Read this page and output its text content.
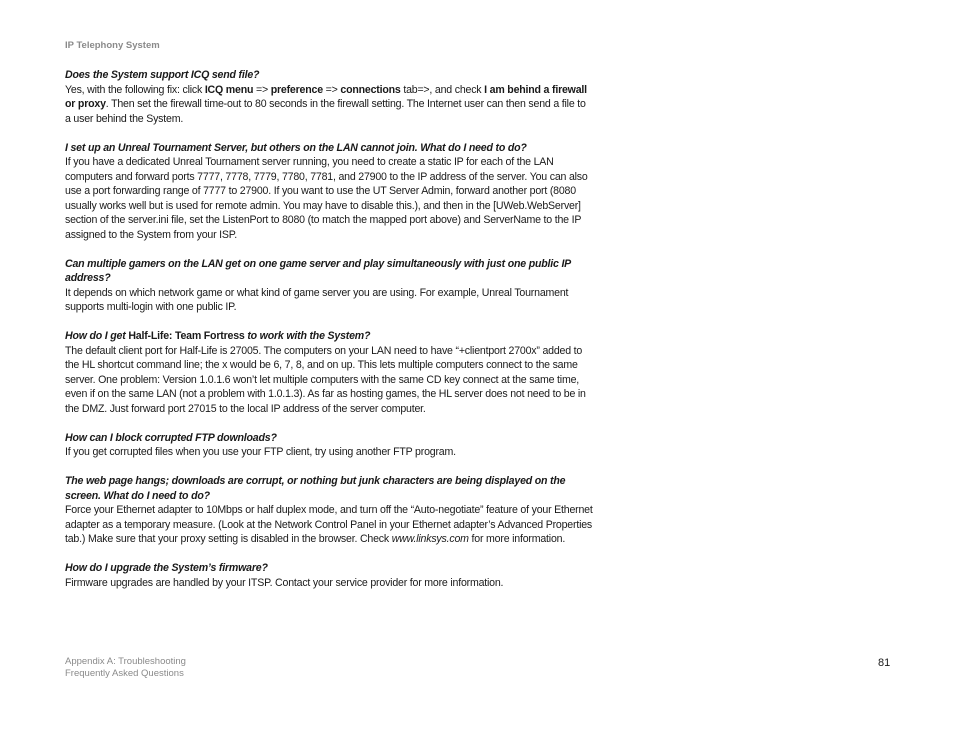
IP Telephony System

Does the System support ICQ send file?

Yes, with the following fix: click ICQ menu => preference => connections tab=>, and check I am behind a firewall or proxy. Then set the firewall time-out to 80 seconds in the firewall setting. The Internet user can then send a file to a user behind the System.

I set up an Unreal Tournament Server, but others on the LAN cannot join. What do I need to do?

If you have a dedicated Unreal Tournament server running, you need to create a static IP for each of the LAN computers and forward ports 7777, 7778, 7779, 7780, 7781, and 27900 to the IP address of the server. You can also use a port forwarding range of 7777 to 27900. If you want to use the UT Server Admin, forward another port (8080 usually works well but is used for remote admin. You may have to disable this.), and then in the [UWeb.WebServer] section of the server.ini file, set the ListenPort to 8080 (to match the mapped port above) and ServerName to the IP assigned to the System from your ISP.

Can multiple gamers on the LAN get on one game server and play simultaneously with just one public IP address?

It depends on which network game or what kind of game server you are using. For example, Unreal Tournament supports multi-login with one public IP.

How do I get Half-Life: Team Fortress to work with the System?

The default client port for Half-Life is 27005. The computers on your LAN need to have “+clientport 2700x” added to the HL shortcut command line; the x would be 6, 7, 8, and on up. This lets multiple computers connect to the same server. One problem: Version 1.0.1.6 won’t let multiple computers with the same CD key connect at the same time, even if on the same LAN (not a problem with 1.0.1.3). As far as hosting games, the HL server does not need to be in the DMZ. Just forward port 27015 to the local IP address of the server computer.

How can I block corrupted FTP downloads?

If you get corrupted files when you use your FTP client, try using another FTP program.

The web page hangs; downloads are corrupt, or nothing but junk characters are being displayed on the screen. What do I need to do?

Force your Ethernet adapter to 10Mbps or half duplex mode, and turn off the “Auto-negotiate” feature of your Ethernet adapter as a temporary measure. (Look at the Network Control Panel in your Ethernet adapter’s Advanced Properties tab.) Make sure that your proxy setting is disabled in the browser. Check www.linksys.com for more information.

How do I upgrade the System’s firmware?

Firmware upgrades are handled by your ITSP. Contact your service provider for more information.

Appendix A: Troubleshooting
Frequently Asked Questions
81
